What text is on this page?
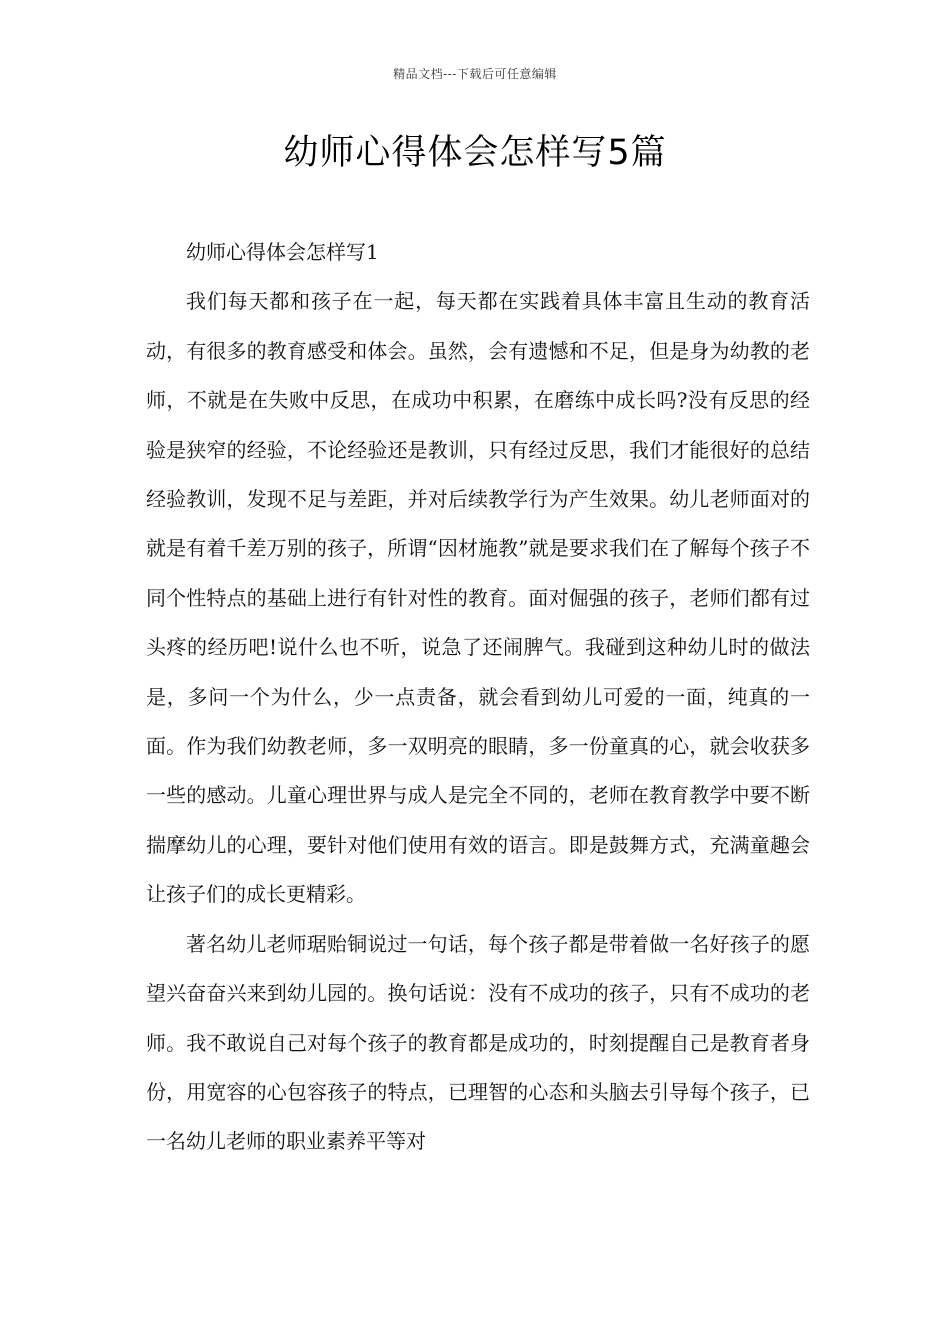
精品文档---下载后可任意编辑
幼师心得体会怎样写5篇

幼师心得体会怎样写1

我们每天都和孩子在一起，每天都在实践着具体丰富且生动的教育活动，有很多的教育感受和体会。虽然，会有遗憾和不足，但是身为幼教的老师，不就是在失败中反思，在成功中积累，在磨练中成长吗?没有反思的经验是狭窄的经验，不论经验还是教训，只有经过反思，我们才能很好的总结经验教训，发现不足与差距，并对后续教学行为产生效果。幼儿老师面对的就是有着千差万别的孩子，所谓“因材施教”就是要求我们在了解每个孩子不同个性特点的基础上进行有针对性的教育。面对倔强的孩子，老师们都有过头疼的经历吧!说什么也不听，说急了还闹脾气。我碰到这种幼儿时的做法是，多问一个为什么，少一点责备，就会看到幼儿可爱的一面，纯真的一面。作为我们幼教老师，多一双明亮的眼睛，多一份童真的心，就会收获多一些的感动。儿童心理世界与成人是完全不同的，老师在教育教学中要不断揣摩幼儿的心理，要针对他们使用有效的语言。即是鼓舞方式，充满童趣会让孩子们的成长更精彩。

著名幼儿老师琚贻铜说过一句话，每个孩子都是带着做一名好孩子的愿望兴奋奋兴来到幼儿园的。换句话说：没有不成功的孩子，只有不成功的老师。我不敢说自己对每个孩子的教育都是成功的，时刻提醒自己是教育者身份，用宽容的心包容孩子的特点，已理智的心态和头脑去引导每个孩子，已一名幼儿老师的职业素养平等对
